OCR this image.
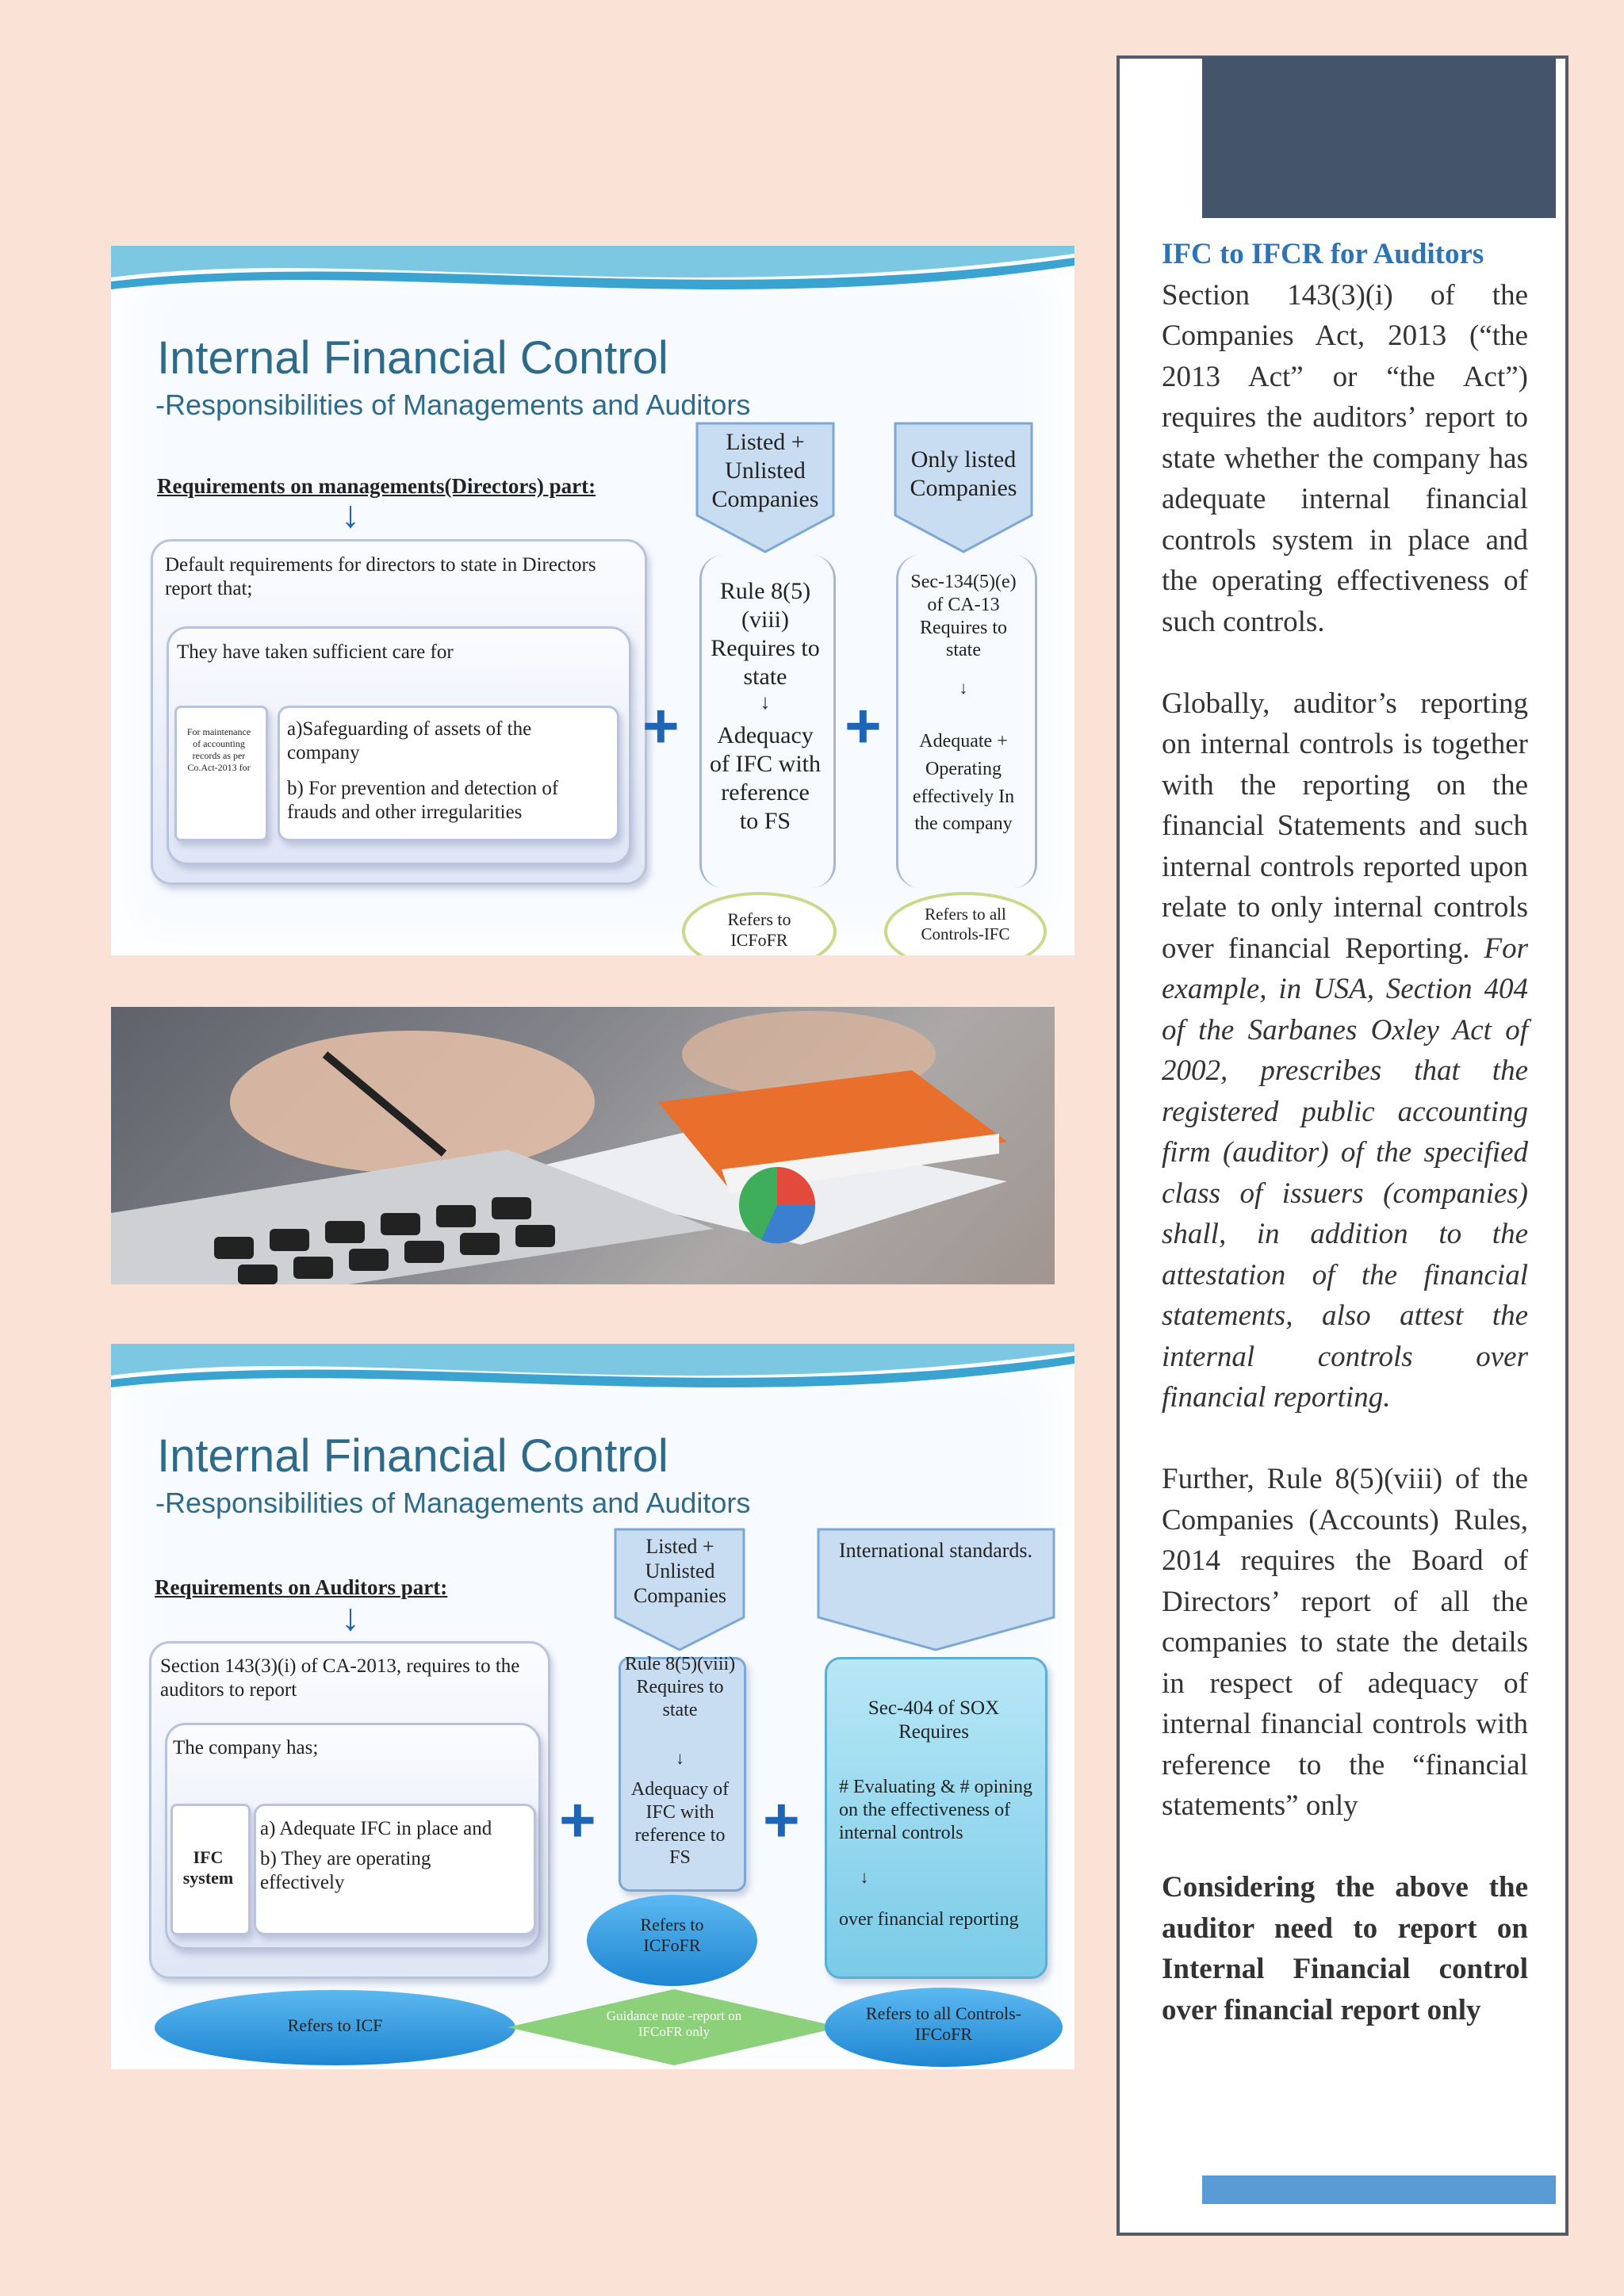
Internal Financial Control
-Responsibilities of Managements and Auditors
Requirements on managements(Directors) part:
↓
Default requirements for directors to state in Directors report that;
They have taken sufficient care for
For maintenance of accounting records as per Co.Act-2013 for
a)Safeguarding of assets of the company
b) For prevention and detection of frauds and other irregularities
+
Listed + Unlisted Companies
Rule 8(5)(viii) Requires to state
↓
Adequacy of IFC with reference to FS
Refers to ICFoFR
+
Only listed Companies
Sec-134(5)(e) of CA-13 Requires to state
↓
Adequate + Operating effectively In the company
Refers to all Controls-IFC
Internal Financial Control
-Responsibilities of Managements and Auditors
Requirements on Auditors part:
↓
Section 143(3)(i) of CA-2013, requires to the auditors to report
The company has;
IFC system
a) Adequate IFC in place and
b) They are operating effectively
+
Listed + Unlisted Companies
Rule 8(5)(viii) Requires to state
↓
Adequacy of IFC with reference to FS
Refers to ICFoFR
+
International standards.
Sec-404 of SOX Requires
# Evaluating & # opining on the effectiveness of internal controls
↓
over financial reporting
Refers to ICF	Guidance note -report on IFCoFR only
Refers to all Controls-IFCoFR

IFC to IFCR for Auditors

Section 143(3)(i) of the Companies Act, 2013 (“the 2013 Act” or “the Act”) requires the auditors’ report to state whether the company has adequate internal financial controls system in place and the operating effectiveness of such controls.

Globally, auditor’s reporting on internal controls is together with the reporting on the financial Statements and such internal controls reported upon relate to only internal controls over financial Reporting. For example, in USA, Section 404 of the Sarbanes Oxley Act of 2002, prescribes that the registered public accounting firm (auditor) of the specified class of issuers (companies) shall, in addition to the attestation of the financial statements, also attest the internal controls over financial reporting.

Further, Rule 8(5)(viii) of the Companies (Accounts) Rules, 2014 requires the Board of Directors’ report of all the companies to state the details in respect of adequacy of internal financial controls with reference to the “financial statements” only

Considering the above the auditor need to report on Internal Financial control over financial report only
